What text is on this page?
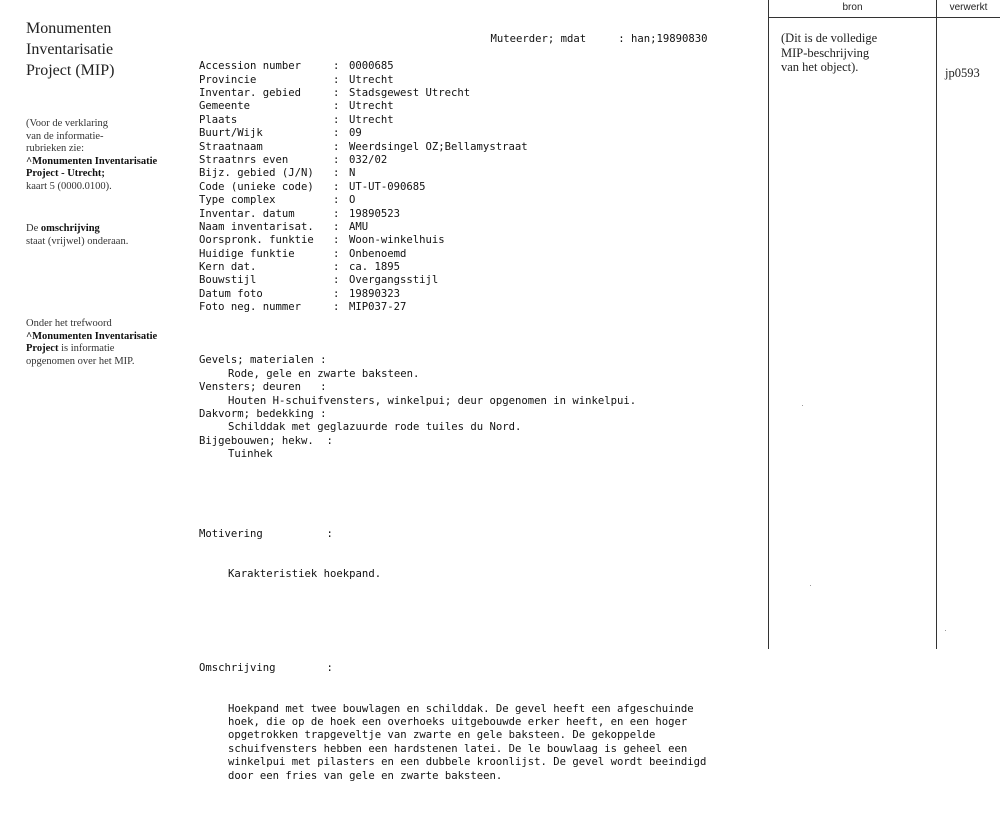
Monumenten
Inventarisatie
Project (MIP)
(Voor de verklaring
van de informatie-
rubrieken zie:
^Monumenten Inventarisatie
Project - Utrecht;
kaart 5 (0000.0100).
De omschrijving
staat (vrijwel) onderaan.
Onder het trefwoord
^Monumenten Inventarisatie
Project is informatie
opgenomen over het MIP.

Muteerder; mdat	: han;19890830

Accession number	: 0000685
Provincie	: Utrecht
Inventar. gebied	: Stadsgewest Utrecht
Gemeente	: Utrecht
Plaats	: Utrecht
Buurt/Wijk	: 09
Straatnaam	: Weerdsingel OZ;Bellamystraat
Straatnrs even	: 032/02
Bijz. gebied (J/N)	: N
Code (unieke code)	: UT-UT-090685
Type complex	: O
Inventar. datum	: 19890523
Naam inventarisat.	: AMU
Oorspronk. funktie	: Woon-winkelhuis
Huidige funktie	: Onbenoemd
Kern dat.	: ca. 1895
Bouwstijl	: Overgangsstijl
Datum foto	: 19890323
Foto neg. nummer	: MIP037-27

Gevels; materialen :
Rode, gele en zwarte baksteen.
Vensters; deuren   :
Houten H-schuifvensters, winkelpui; deur opgenomen in winkelpui.
Dakvorm; bedekking :
Schilddak met geglazuurde rode tuiles du Nord.
Bijgebouwen; hekw.  :
Tuinhek

Motivering          :

Karakteristiek hoekpand.

Omschrijving        :

Hoekpand met twee bouwlagen en schilddak. De gevel heeft een afgeschuinde
hoek, die op de hoek een overhoeks uitgebouwde erker heeft, en een hoger
opgetrokken trapgeveltje van zwarte en gele baksteen. De gekoppelde
schuifvensters hebben een hardstenen latei. De le bouwlaag is geheel een
winkelpui met pilasters en een dubbele kroonlijst. De gevel wordt beeindigd
door een fries van gele en zwarte baksteen.

bron	verwerkt
(Dit is de volledige
MIP-beschrijving
van het object).	jp0593
